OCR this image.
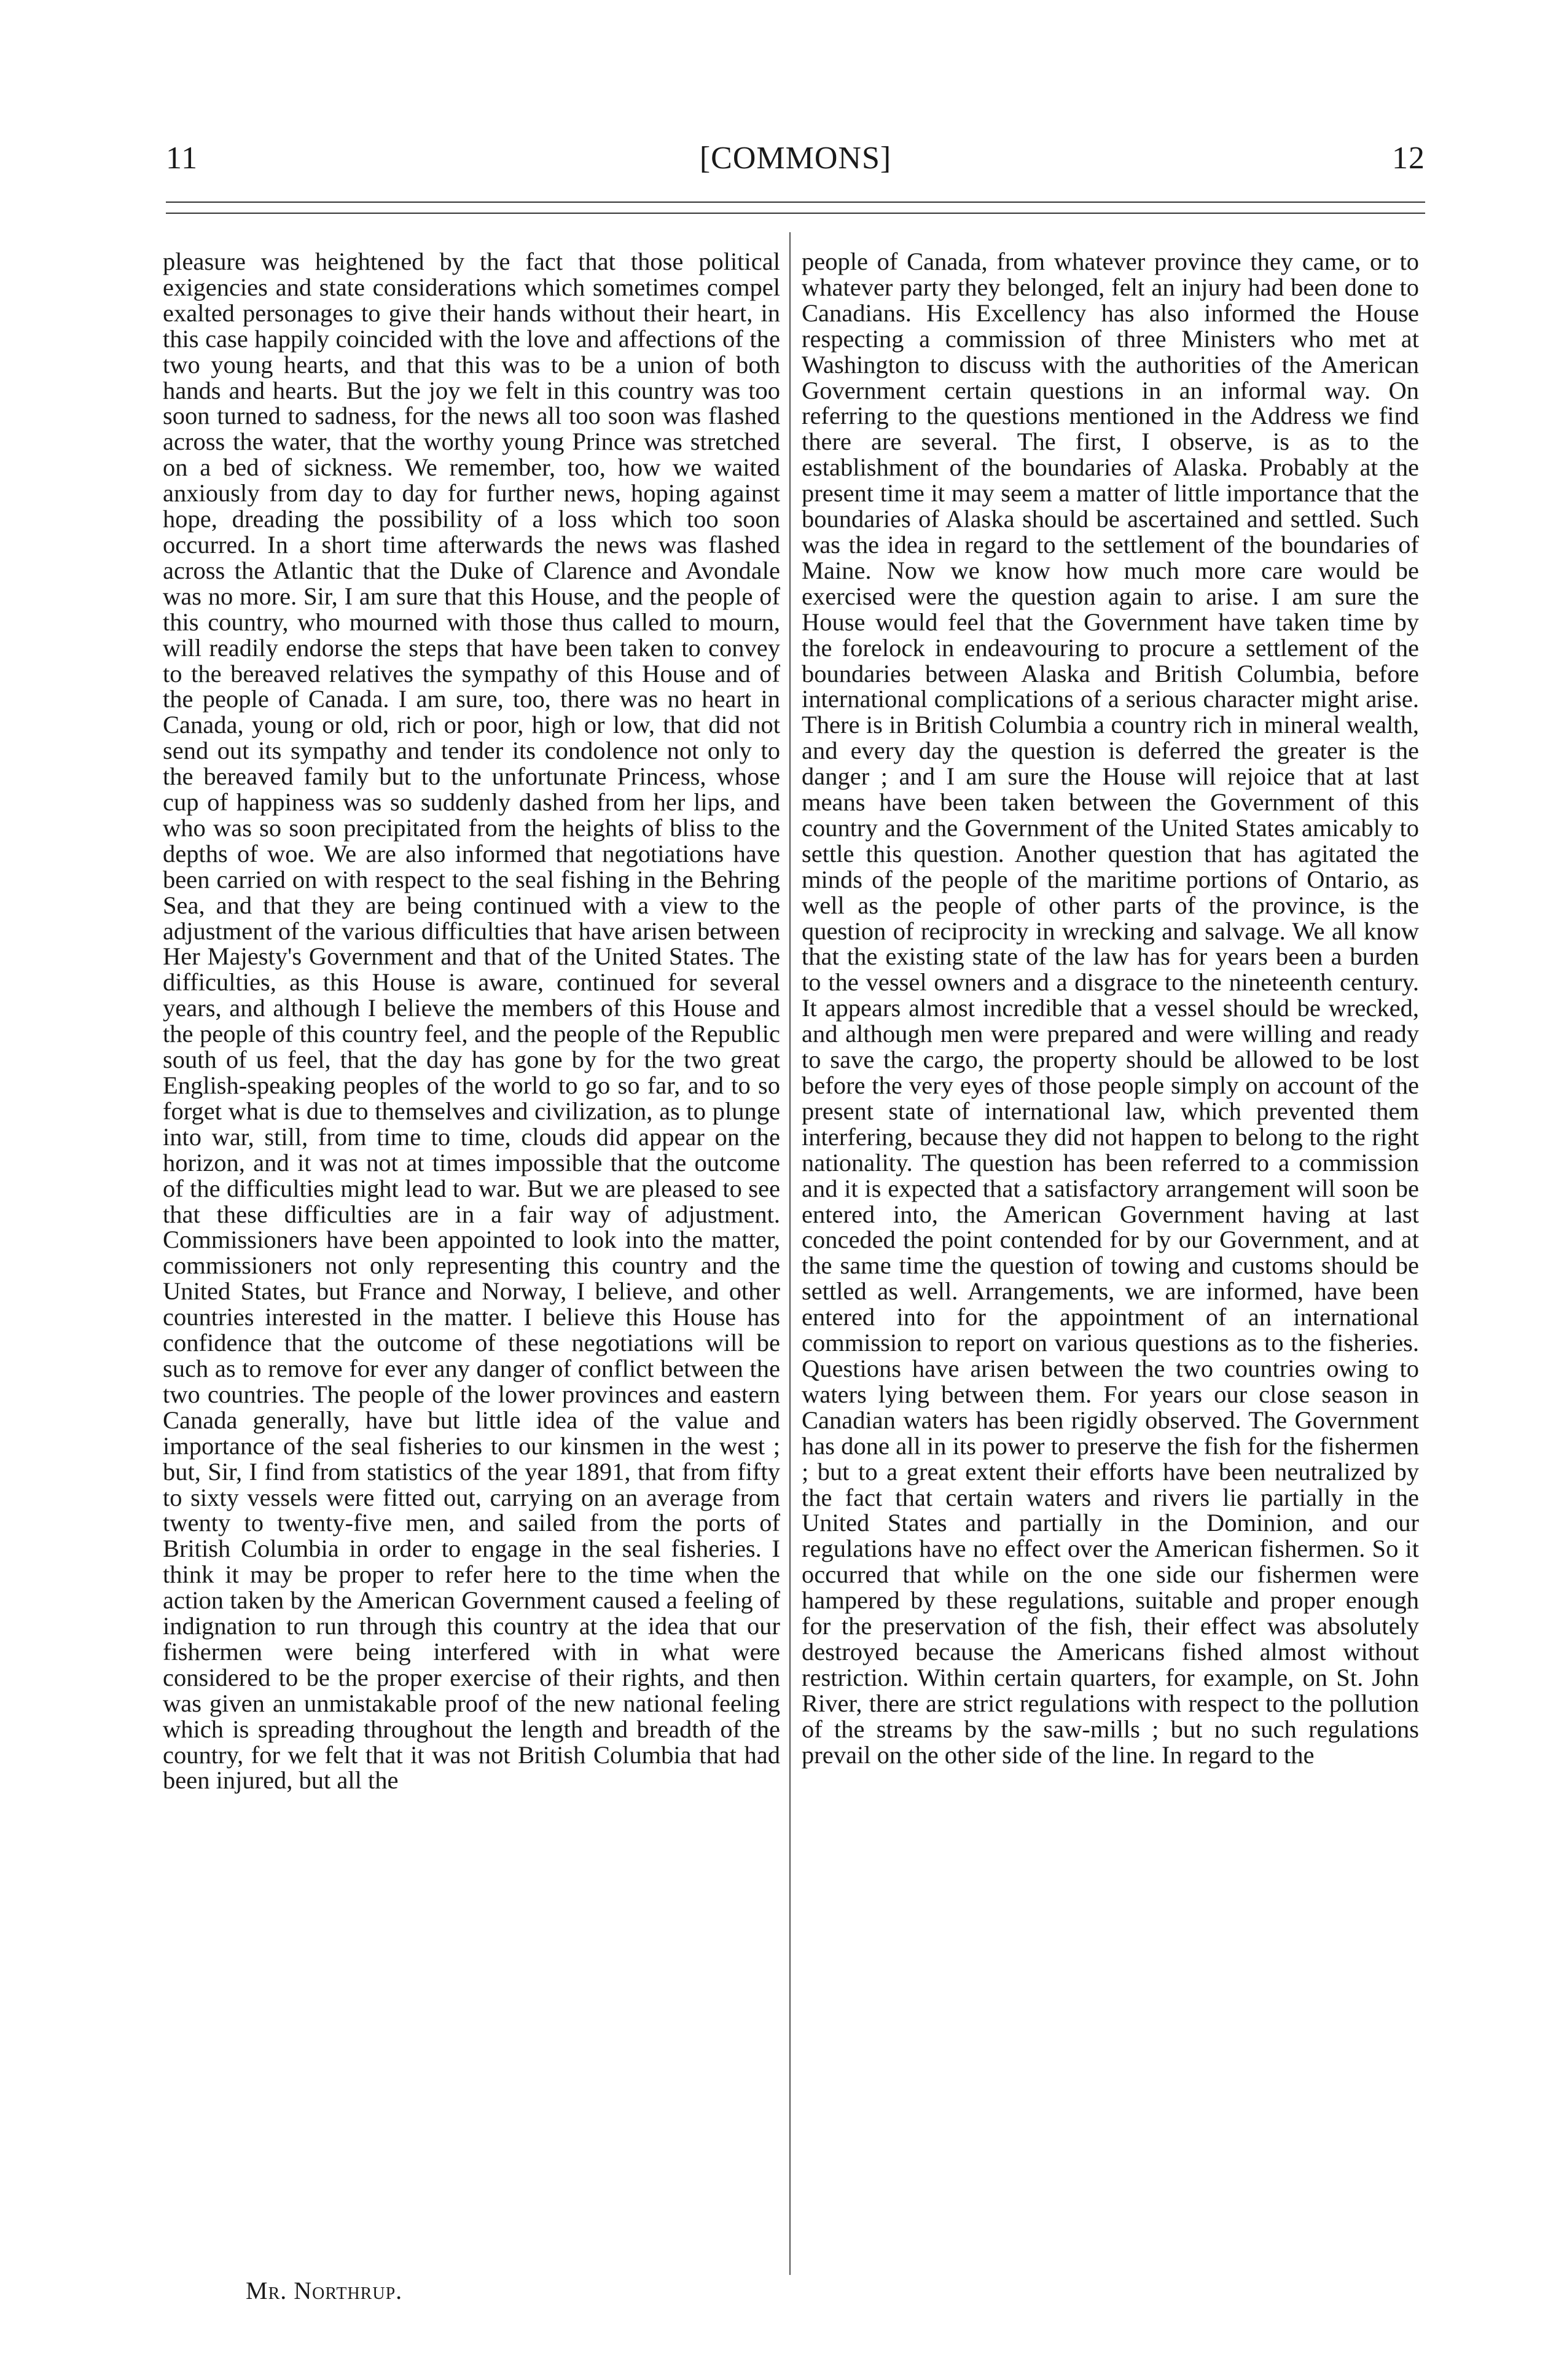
11	[COMMONS]	12
pleasure was heightened by the fact that those political exigencies and state considerations which sometimes compel exalted personages to give their hands without their heart, in this case happily coincided with the love and affections of the two young hearts, and that this was to be a union of both hands and hearts. But the joy we felt in this country was too soon turned to sadness, for the news all too soon was flashed across the water, that the worthy young Prince was stretched on a bed of sickness. We remember, too, how we waited anxiously from day to day for further news, hoping against hope, dreading the possibility of a loss which too soon occurred. In a short time afterwards the news was flashed across the Atlantic that the Duke of Clarence and Avondale was no more. Sir, I am sure that this House, and the people of this country, who mourned with those thus called to mourn, will readily endorse the steps that have been taken to convey to the bereaved relatives the sympathy of this House and of the people of Canada. I am sure, too, there was no heart in Canada, young or old, rich or poor, high or low, that did not send out its sympathy and tender its condolence not only to the bereaved family but to the unfortunate Princess, whose cup of happiness was so suddenly dashed from her lips, and who was so soon precipitated from the heights of bliss to the depths of woe. We are also informed that negotiations have been carried on with respect to the seal fishing in the Behring Sea, and that they are being continued with a view to the adjustment of the various difficulties that have arisen between Her Majesty's Government and that of the United States. The difficulties, as this House is aware, continued for several years, and although I believe the members of this House and the people of this country feel, and the people of the Republic south of us feel, that the day has gone by for the two great English-speaking peoples of the world to go so far, and to so forget what is due to themselves and civilization, as to plunge into war, still, from time to time, clouds did appear on the horizon, and it was not at times impossible that the outcome of the difficulties might lead to war. But we are pleased to see that these difficulties are in a fair way of adjustment. Commissioners have been appointed to look into the matter, commissioners not only representing this country and the United States, but France and Norway, I believe, and other countries interested in the matter. I believe this House has confidence that the outcome of these negotiations will be such as to remove for ever any danger of conflict between the two countries. The people of the lower provinces and eastern Canada generally, have but little idea of the value and importance of the seal fisheries to our kinsmen in the west ; but, Sir, I find from statistics of the year 1891, that from fifty to sixty vessels were fitted out, carrying on an average from twenty to twenty-five men, and sailed from the ports of British Columbia in order to engage in the seal fisheries. I think it may be proper to refer here to the time when the action taken by the American Government caused a feeling of indignation to run through this country at the idea that our fishermen were being interfered with in what were considered to be the proper exercise of their rights, and then was given an unmistakable proof of the new national feeling which is spreading throughout the length and breadth of the country, for we felt that it was not British Columbia that had been injured, but all the
people of Canada, from whatever province they came, or to whatever party they belonged, felt an injury had been done to Canadians. His Excellency has also informed the House respecting a commission of three Ministers who met at Washington to discuss with the authorities of the American Government certain questions in an informal way. On referring to the questions mentioned in the Address we find there are several. The first, I observe, is as to the establishment of the boundaries of Alaska. Probably at the present time it may seem a matter of little importance that the boundaries of Alaska should be ascertained and settled. Such was the idea in regard to the settlement of the boundaries of Maine. Now we know how much more care would be exercised were the question again to arise. I am sure the House would feel that the Government have taken time by the forelock in endeavouring to procure a settlement of the boundaries between Alaska and British Columbia, before international complications of a serious character might arise. There is in British Columbia a country rich in mineral wealth, and every day the question is deferred the greater is the danger ; and I am sure the House will rejoice that at last means have been taken between the Government of this country and the Government of the United States amicably to settle this question. Another question that has agitated the minds of the people of the maritime portions of Ontario, as well as the people of other parts of the province, is the question of reciprocity in wrecking and salvage. We all know that the existing state of the law has for years been a burden to the vessel owners and a disgrace to the nineteenth century. It appears almost incredible that a vessel should be wrecked, and although men were prepared and were willing and ready to save the cargo, the property should be allowed to be lost before the very eyes of those people simply on account of the present state of international law, which prevented them interfering, because they did not happen to belong to the right nationality. The question has been referred to a commission and it is expected that a satisfactory arrangement will soon be entered into, the American Government having at last conceded the point contended for by our Government, and at the same time the question of towing and customs should be settled as well. Arrangements, we are informed, have been entered into for the appointment of an international commission to report on various questions as to the fisheries. Questions have arisen between the two countries owing to waters lying between them. For years our close season in Canadian waters has been rigidly observed. The Government has done all in its power to preserve the fish for the fishermen ; but to a great extent their efforts have been neutralized by the fact that certain waters and rivers lie partially in the United States and partially in the Dominion, and our regulations have no effect over the American fishermen. So it occurred that while on the one side our fishermen were hampered by these regulations, suitable and proper enough for the preservation of the fish, their effect was absolutely destroyed because the Americans fished almost without restriction. Within certain quarters, for example, on St. John River, there are strict regulations with respect to the pollution of the streams by the saw-mills ; but no such regulations prevail on the other side of the line. In regard to the
Mr. Northrup.
